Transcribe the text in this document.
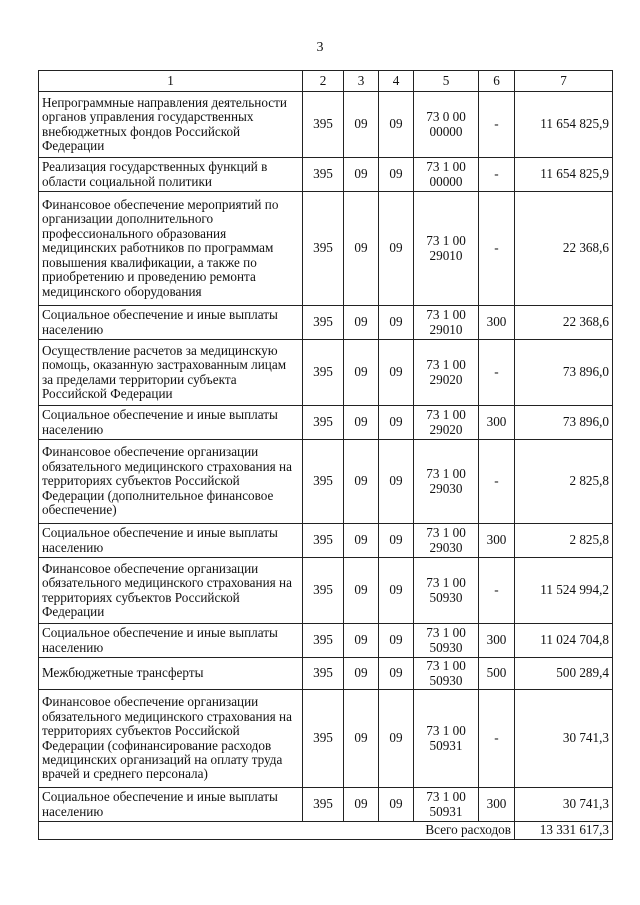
3
1	2	3	4	5	6	7
Непрограммные направления деятельности органов управления государственных внебюджетных фондов Российской Федерации	395	09	09	73 0 00 00000	-	11 654 825,9
Реализация государственных функций в области социальной политики	395	09	09	73 1 00 00000	-	11 654 825,9
Финансовое обеспечение мероприятий по организации дополнительного профессионального образования медицинских работников по программам повышения квалификации, а также по приобретению и проведению ремонта медицинского оборудования	395	09	09	73 1 00 29010	-	22 368,6
Социальное обеспечение и иные выплаты населению	395	09	09	73 1 00 29010	300	22 368,6
Осуществление расчетов за медицинскую помощь, оказанную застрахованным лицам за пределами территории субъекта Российской Федерации	395	09	09	73 1 00 29020	-	73 896,0
Социальное обеспечение и иные выплаты населению	395	09	09	73 1 00 29020	300	73 896,0
Финансовое обеспечение организации обязательного медицинского страхования на территориях субъектов Российской Федерации (дополнительное финансовое обеспечение)	395	09	09	73 1 00 29030	-	2 825,8
Социальное обеспечение и иные выплаты населению	395	09	09	73 1 00 29030	300	2 825,8
Финансовое обеспечение организации обязательного медицинского страхования на территориях субъектов Российской Федерации	395	09	09	73 1 00 50930	-	11 524 994,2
Социальное обеспечение и иные выплаты населению	395	09	09	73 1 00 50930	300	11 024 704,8
Межбюджетные трансферты	395	09	09	73 1 00 50930	500	500 289,4
Финансовое обеспечение организации обязательного медицинского страхования на территориях субъектов Российской Федерации (софинансирование расходов медицинских организаций на оплату труда врачей и среднего персонала)	395	09	09	73 1 00 50931	-	30 741,3
Социальное обеспечение и иные выплаты населению	395	09	09	73 1 00 50931	300	30 741,3
Всего расходов						13 331 617,3
